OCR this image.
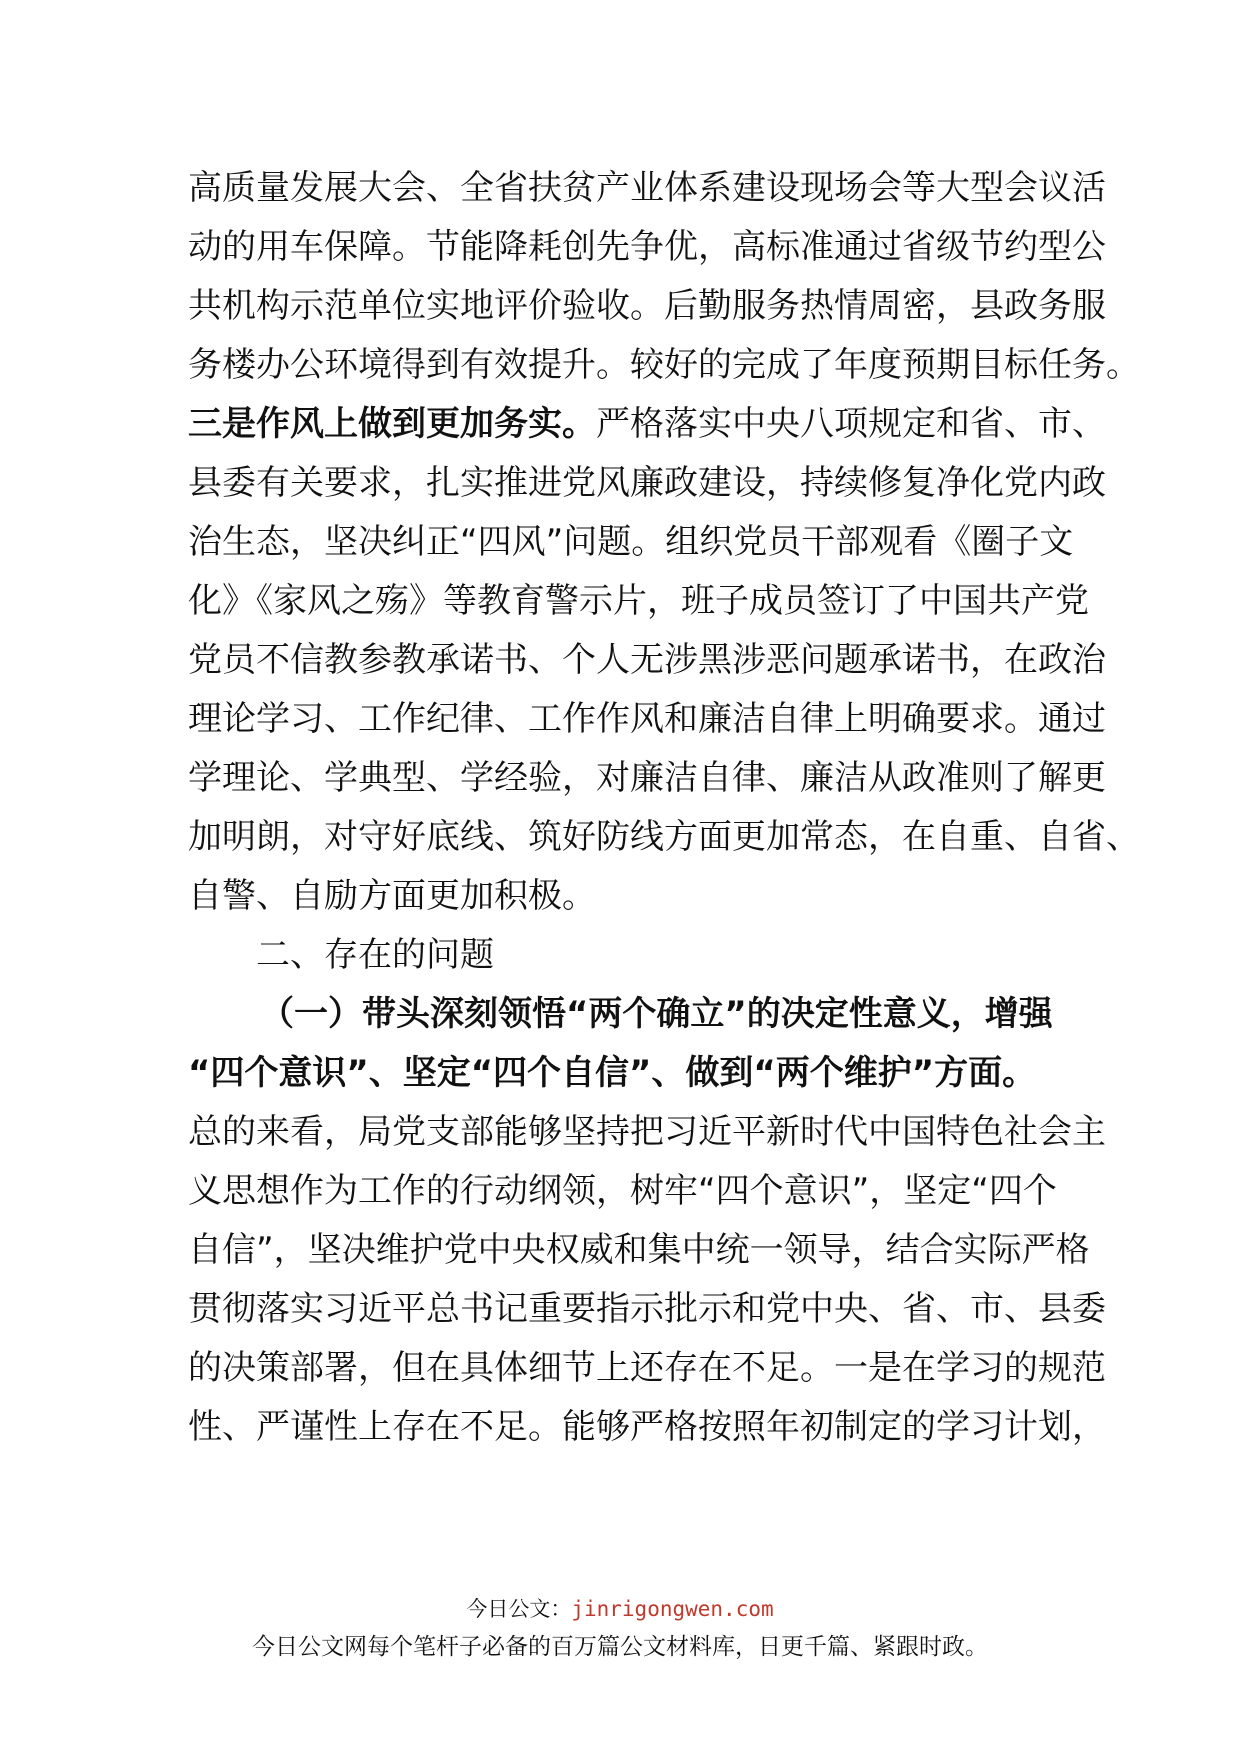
高质量发展大会、全省扶贫产业体系建设现场会等大型会议活
动的用车保障。节能降耗创先争优，高标准通过省级节约型公
共机构示范单位实地评价验收。后勤服务热情周密，县政务服
务楼办公环境得到有效提升。较好的完成了年度预期目标任务。
三是作风上做到更加务实。严格落实中央八项规定和省、市、
县委有关要求，扎实推进党风廉政建设，持续修复净化党内政
治生态，坚决纠正“四风”问题。组织党员干部观看《圈子文
化》《家风之殇》等教育警示片，班子成员签订了中国共产党
党员不信教参教承诺书、个人无涉黑涉恶问题承诺书，在政治
理论学习、工作纪律、工作作风和廉洁自律上明确要求。通过
学理论、学典型、学经验，对廉洁自律、廉洁从政准则了解更
加明朗，对守好底线、筑好防线方面更加常态，在自重、自省、
自警、自励方面更加积极。
二、存在的问题
（一）带头深刻领悟“两个确立”的决定性意义，增强
“四个意识”、坚定“四个自信”、做到“两个维护”方面。
总的来看，局党支部能够坚持把习近平新时代中国特色社会主
义思想作为工作的行动纲领，树牢“四个意识”，坚定“四个
自信”，坚决维护党中央权威和集中统一领导，结合实际严格
贯彻落实习近平总书记重要指示批示和党中央、省、市、县委
的决策部署，但在具体细节上还存在不足。一是在学习的规范
性、严谨性上存在不足。能够严格按照年初制定的学习计划，
今日公文：jinrigongwen.com
今日公文网每个笔杆子必备的百万篇公文材料库，日更千篇、紧跟时政。
